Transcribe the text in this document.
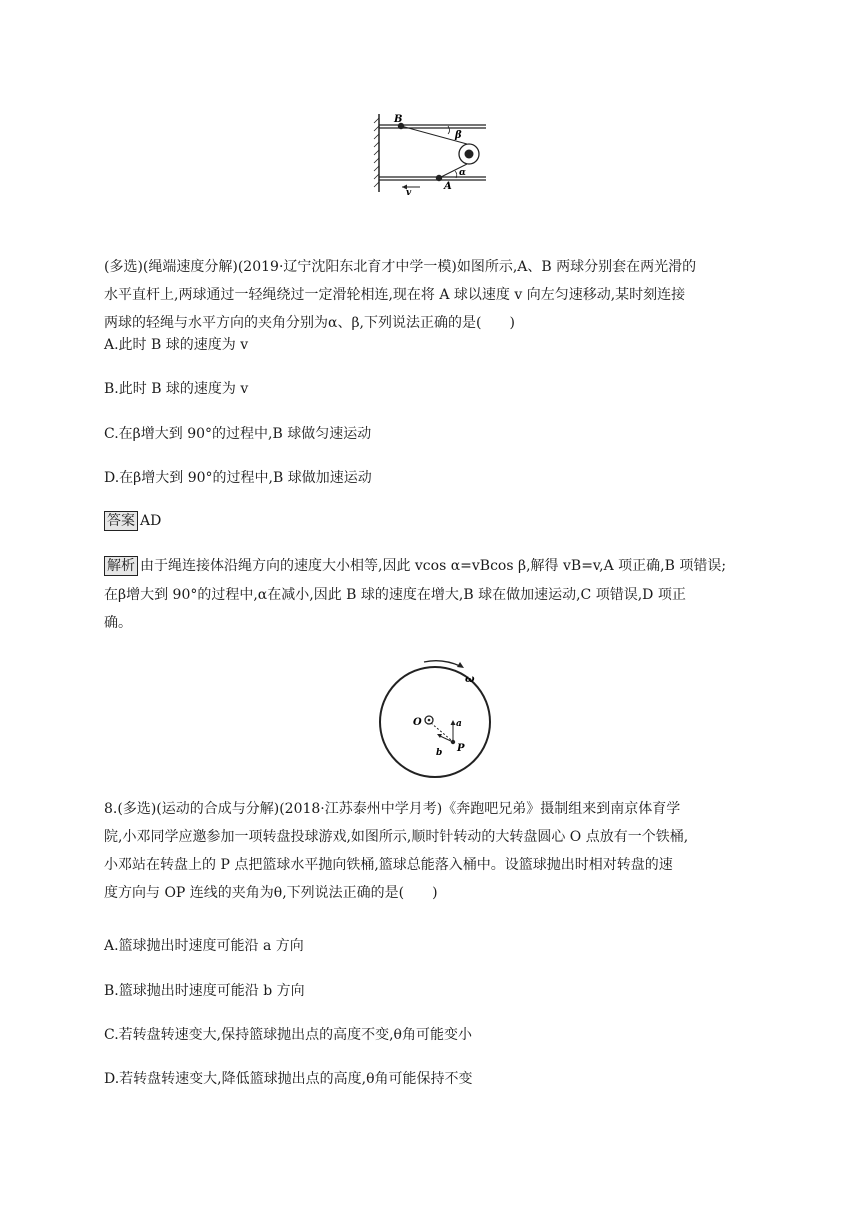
B
A
β
α
v
(多选)(绳端速度分解)(2019·辽宁沈阳东北育才中学一模)如图所示,A、B 两球分别套在两光滑的
水平直杆上,两球通过一轻绳绕过一定滑轮相连,现在将 A 球以速度 v 向左匀速移动,某时刻连接
两球的轻绳与水平方向的夹角分别为α、β,下列说法正确的是(　　)
A.此时 B 球的速度为 v
B.此时 B 球的速度为 v
C.在β增大到 90°的过程中,B 球做匀速运动
D.在β增大到 90°的过程中,B 球做加速运动
答案 AD
解析 由于绳连接体沿绳方向的速度大小相等,因此 vcos α=vBcos β,解得 vB=v,A 项正确,B 项错误;
在β增大到 90°的过程中,α在减小,因此 B 球的速度在增大,B 球在做加速运动,C 项错误,D 项正
确。
ω
O	a
b P
8.(多选)(运动的合成与分解)(2018·江苏泰州中学月考)《奔跑吧兄弟》摄制组来到南京体育学
院,小邓同学应邀参加一项转盘投球游戏,如图所示,顺时针转动的大转盘圆心 O 点放有一个铁桶,
小邓站在转盘上的 P 点把篮球水平抛向铁桶,篮球总能落入桶中。设篮球抛出时相对转盘的速
度方向与 OP 连线的夹角为θ,下列说法正确的是(　　)
A.篮球抛出时速度可能沿 a 方向
B.篮球抛出时速度可能沿 b 方向
C.若转盘转速变大,保持篮球抛出点的高度不变,θ角可能变小
D.若转盘转速变大,降低篮球抛出点的高度,θ角可能保持不变
